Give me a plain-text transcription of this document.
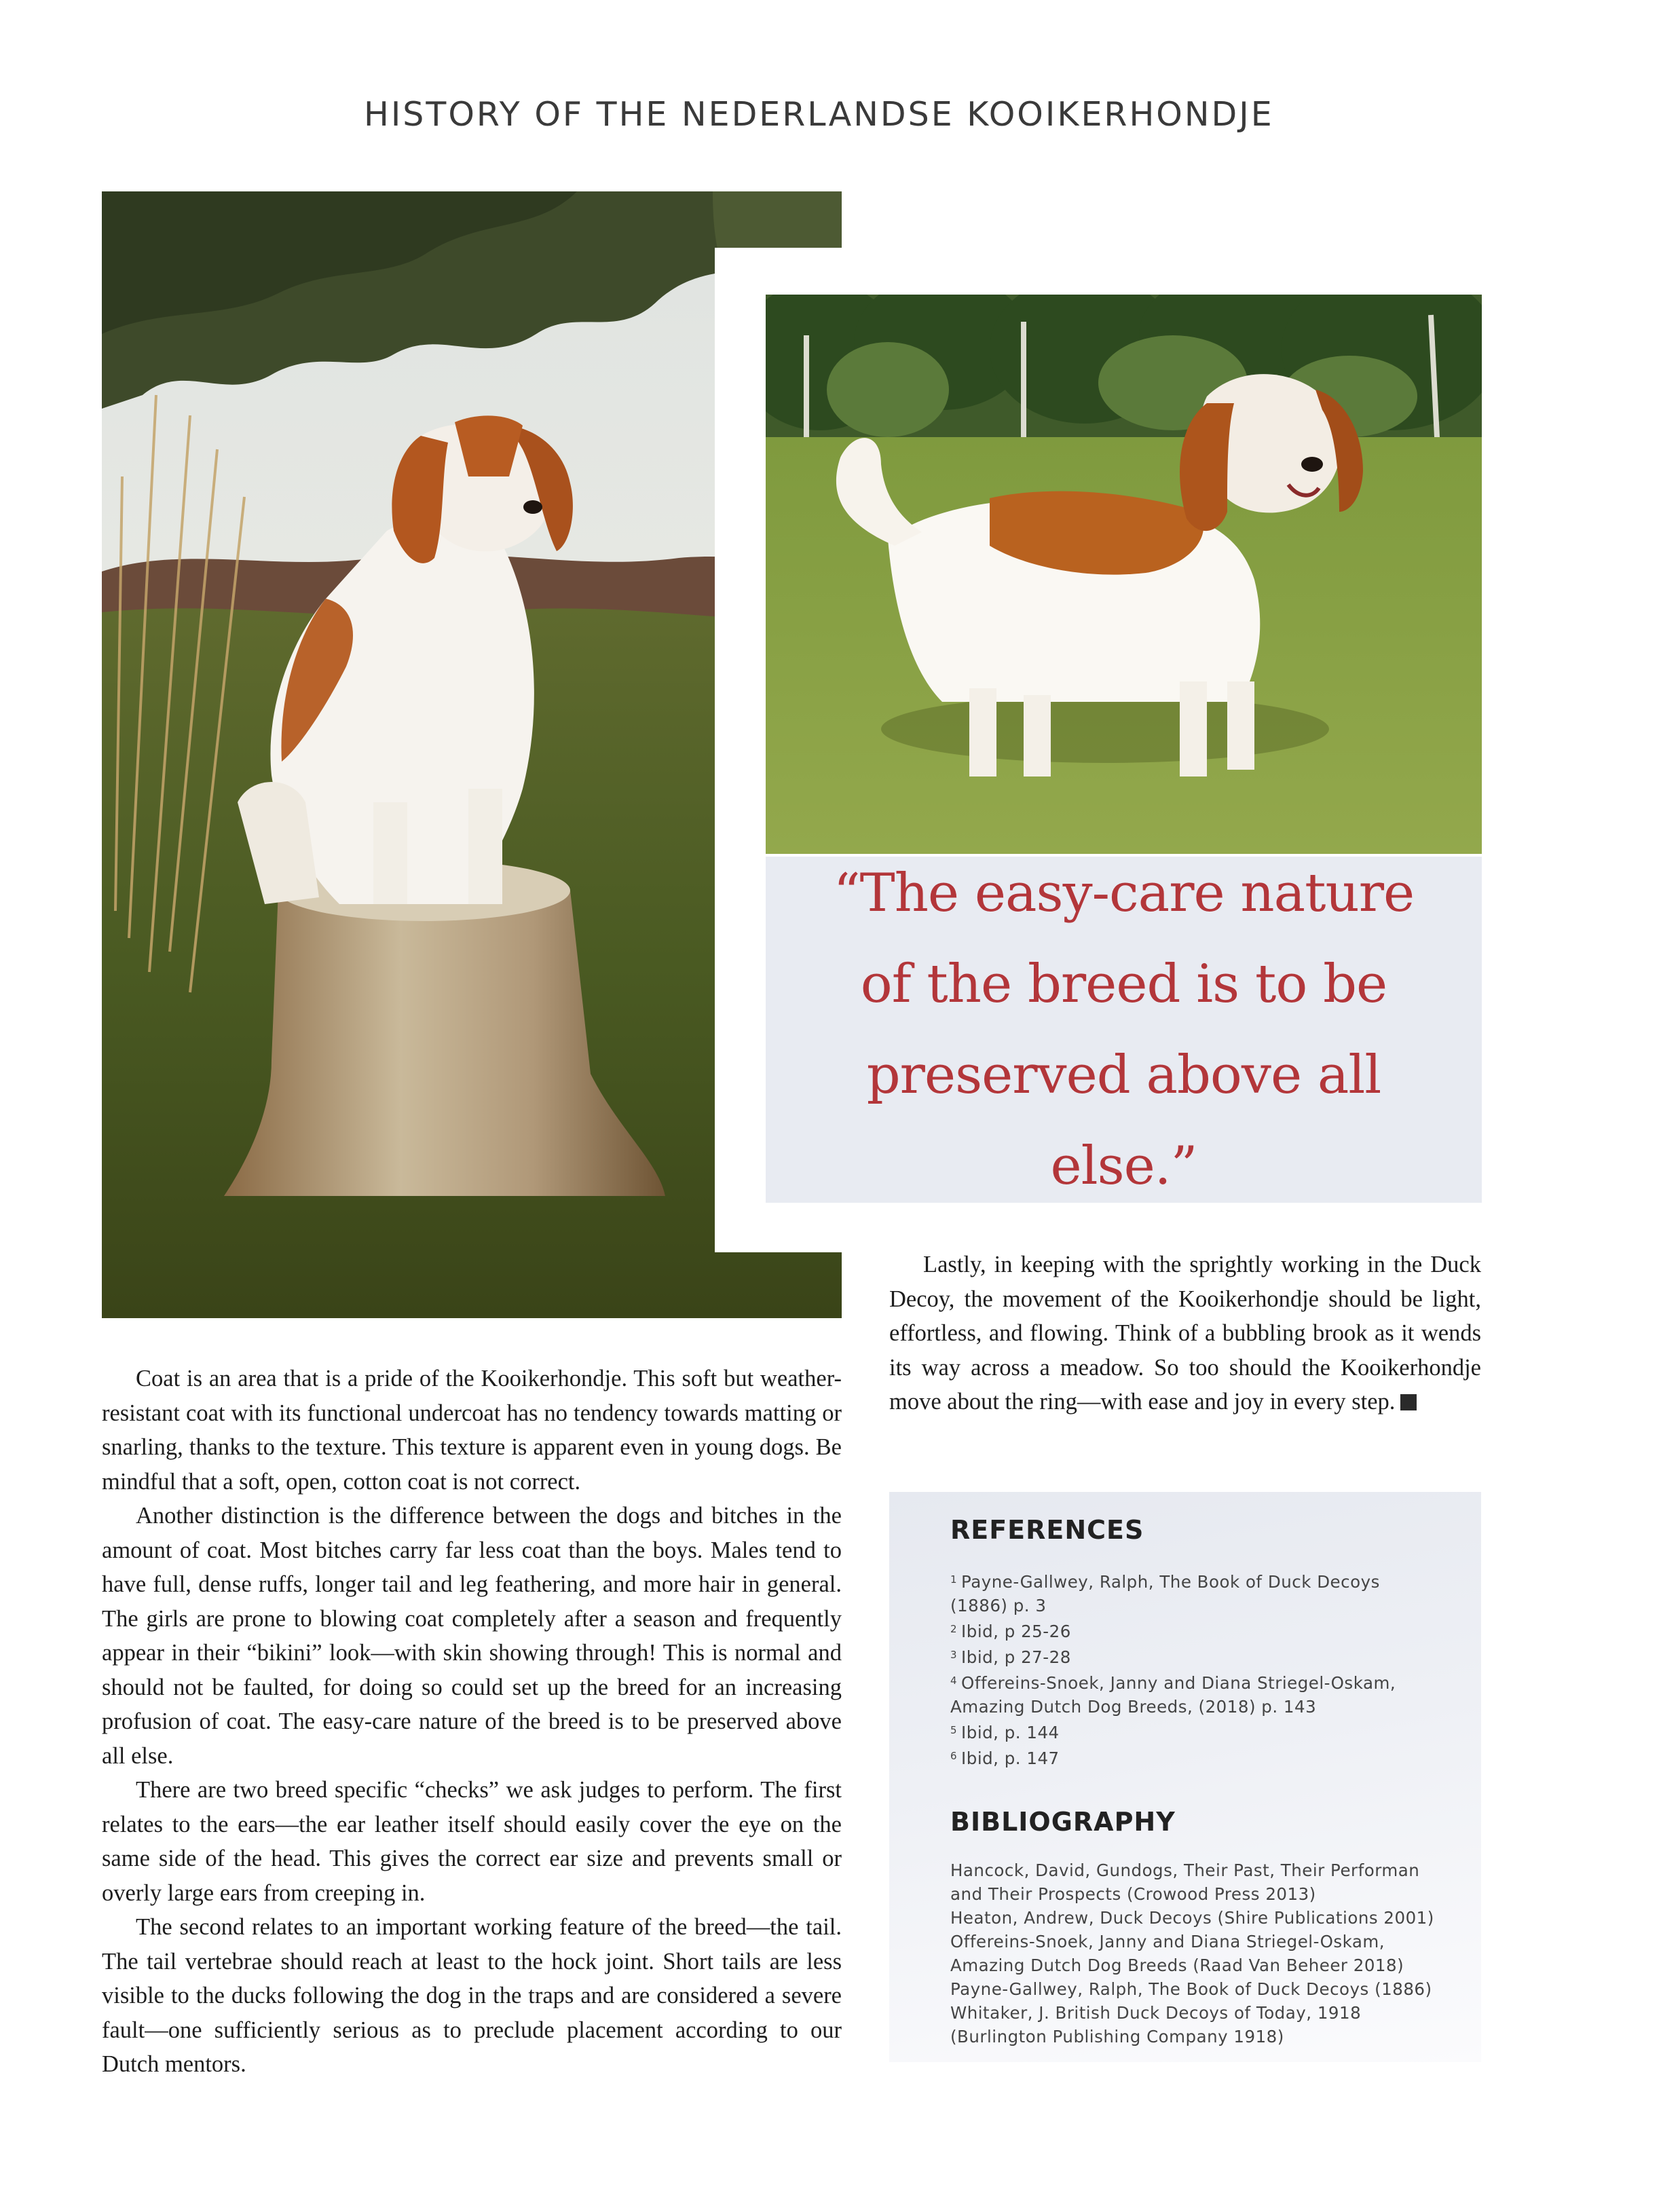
HISTORY OF THE NEDERLANDSE KOOIKERHONDJE

“The easy-care nature of the breed is to be preserved above all else.”

Coat is an area that is a pride of the Kooikerhondje. This soft but weather-resistant coat with its functional undercoat has no tendency towards matting or snarling, thanks to the texture. This texture is apparent even in young dogs. Be mindful that a soft, open, cotton coat is not correct.

Another distinction is the difference between the dogs and bitches in the amount of coat. Most bitches carry far less coat than the boys. Males tend to have full, dense ruffs, longer tail and leg feathering, and more hair in general. The girls are prone to blowing coat completely after a season and frequently appear in their “bikini” look—with skin showing through! This is normal and should not be faulted, for doing so could set up the breed for an increasing profusion of coat. The easy-care nature of the breed is to be preserved above all else.

There are two breed specific “checks” we ask judges to perform. The first relates to the ears—the ear leather itself should easily cover the eye on the same side of the head. This gives the correct ear size and prevents small or overly large ears from creeping in.

The second relates to an important working feature of the breed—the tail. The tail vertebrae should reach at least to the hock joint. Short tails are less visible to the ducks following the dog in the traps and are considered a severe fault—one sufficiently serious as to preclude placement according to our Dutch mentors.

Lastly, in keeping with the sprightly working in the Duck Decoy, the movement of the Kooikerhondje should be light, effortless, and flowing. Think of a bubbling brook as it wends its way across a meadow. So too should the Kooikerhondje move about the ring—with ease and joy in every step.

REFERENCES
$^1$ Payne-Gallwey, Ralph, The Book of Duck Decoys
(1886) p. 3
$^2$ Ibid, p 25-26
$^3$ Ibid, p 27-28
$^4$ Offereins-Snoek, Janny and Diana Striegel-Oskam,
Amazing Dutch Dog Breeds, (2018) p. 143
$^5$ Ibid, p. 144
$^6$ Ibid, p. 147
BIBLIOGRAPHY
Hancock, David, Gundogs, Their Past, Their Performan
and Their Prospects (Crowood Press 2013)
Heaton, Andrew, Duck Decoys (Shire Publications 2001)
Offereins-Snoek, Janny and Diana Striegel-Oskam,
Amazing Dutch Dog Breeds (Raad Van Beheer 2018)
Payne-Gallwey, Ralph, The Book of Duck Decoys (1886)
Whitaker, J. British Duck Decoys of Today, 1918
(Burlington Publishing Company 1918)
